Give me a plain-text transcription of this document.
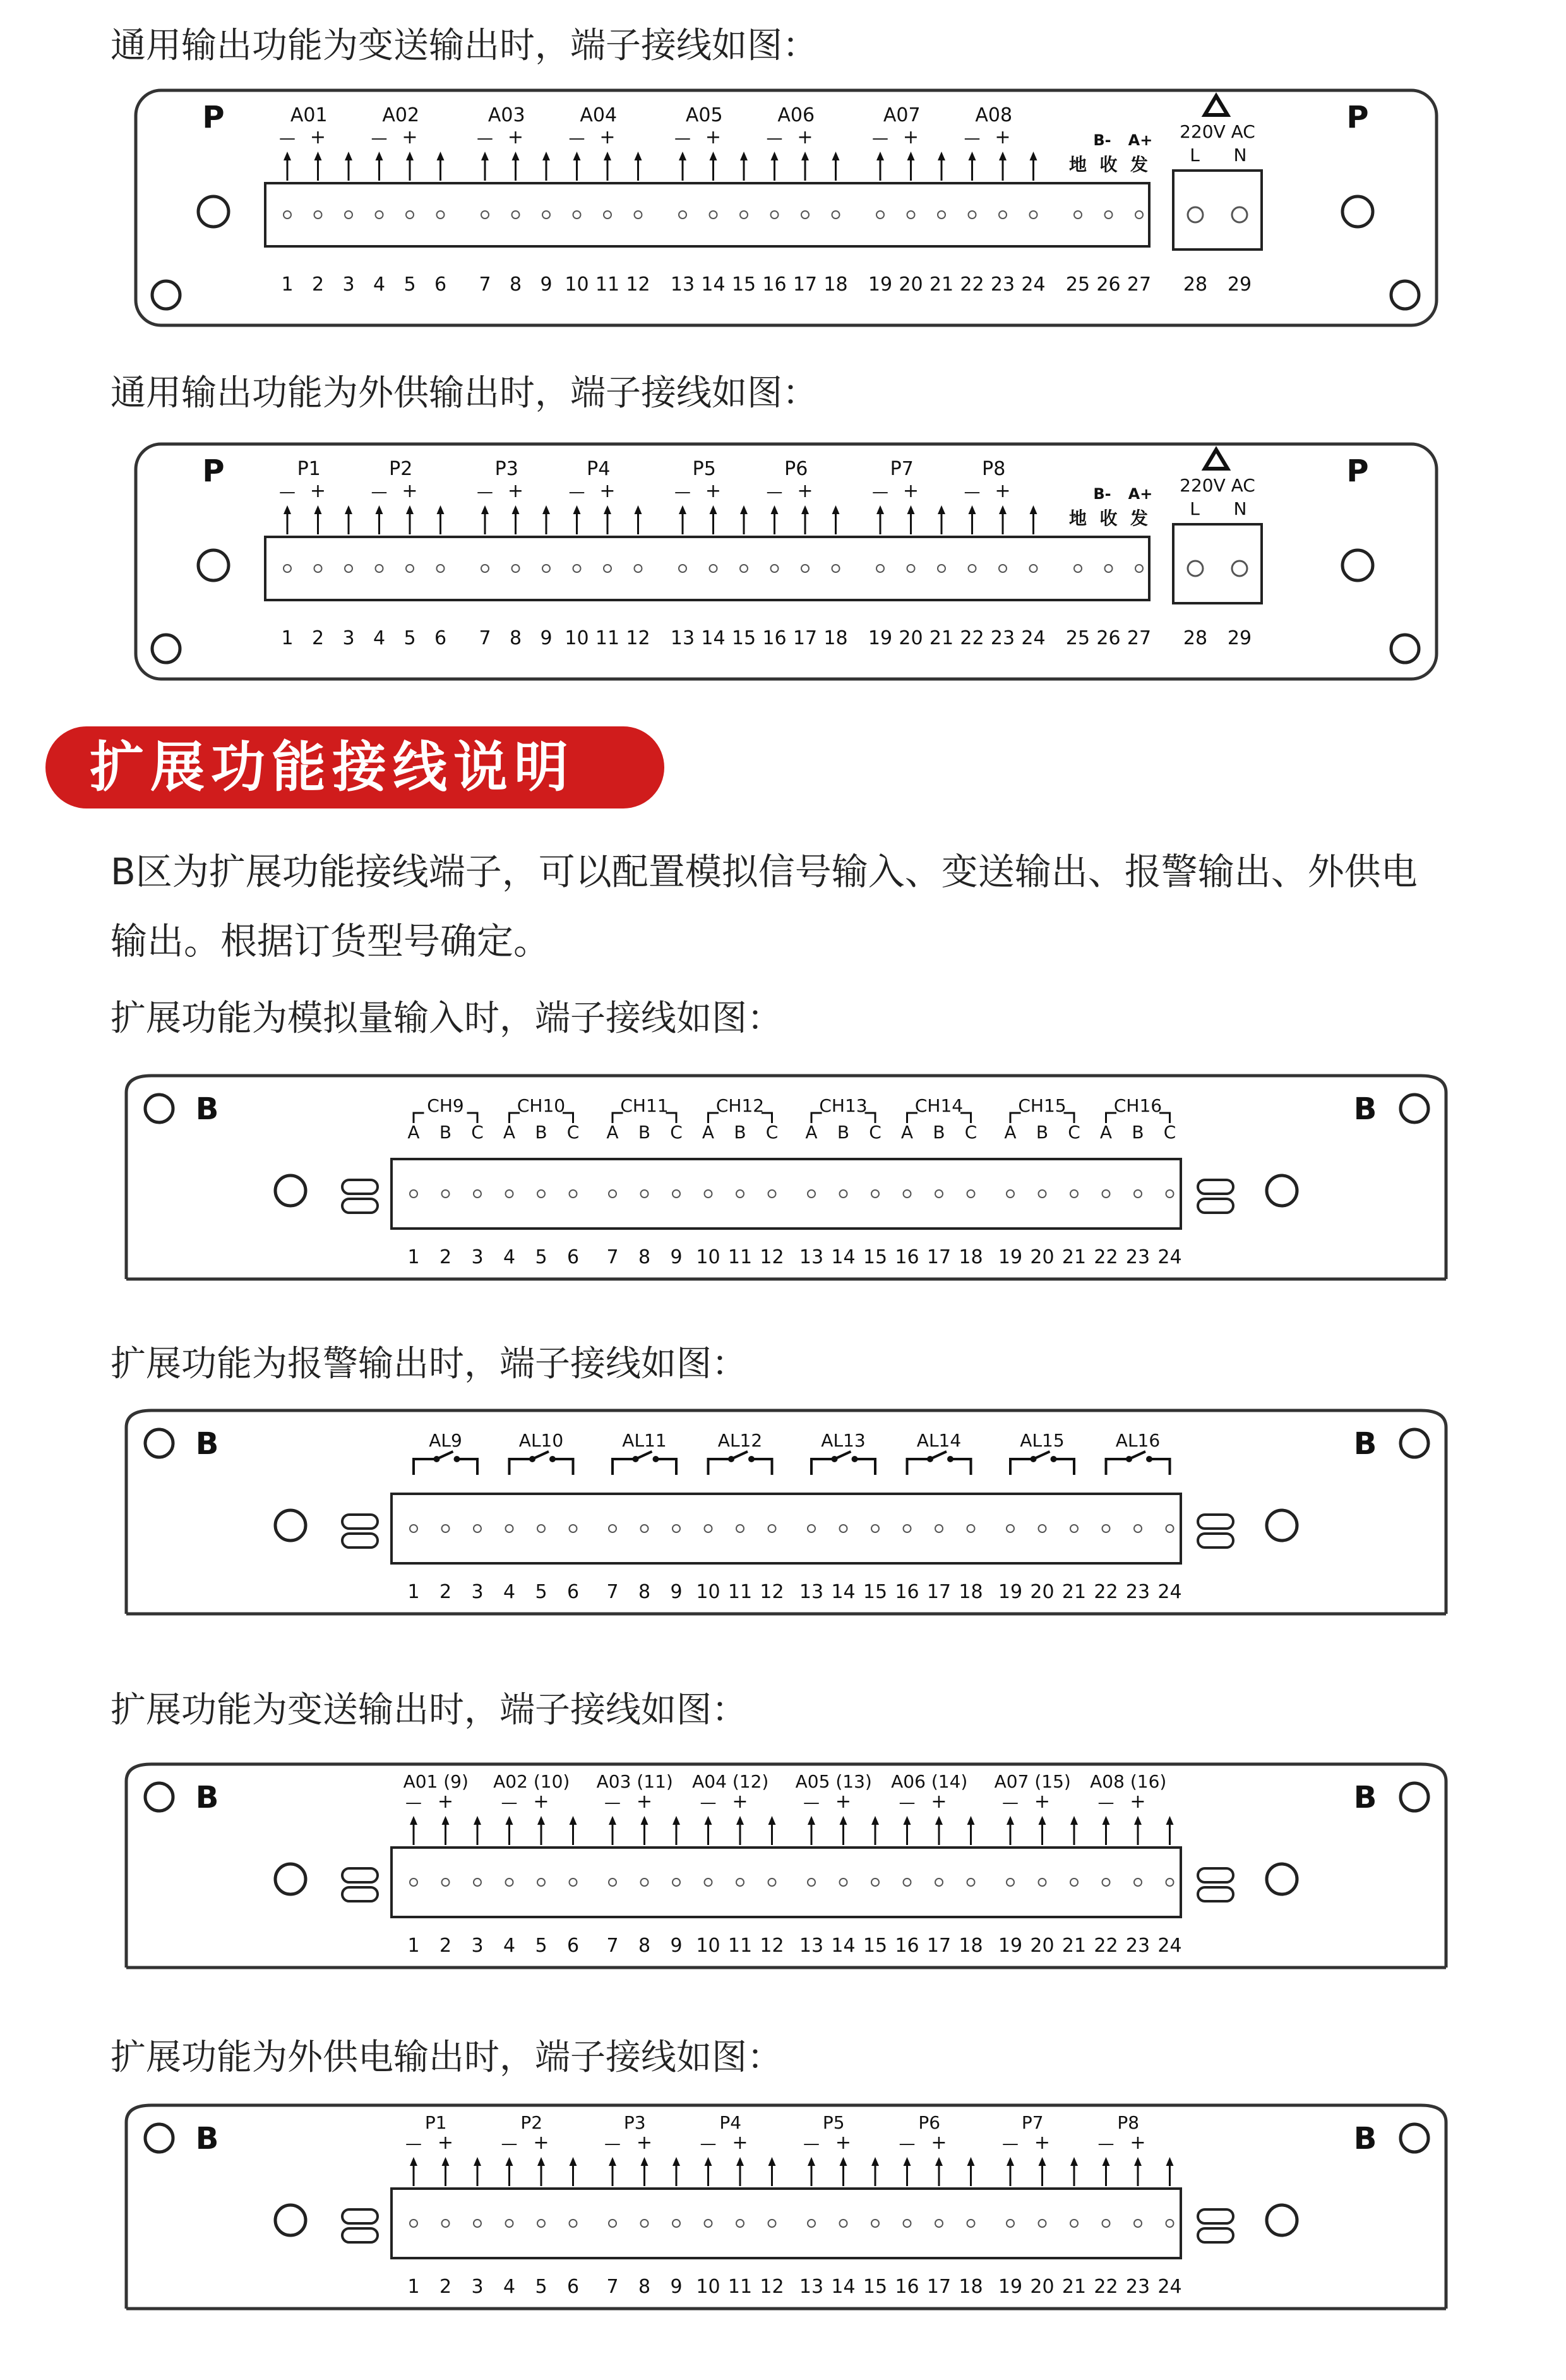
通用输出功能为变送输出时，端子接线如图：
P	P
A01
— +
A02
— +
A03
— +
A04
— +
A05
— +
A06
— +
A07
— +
A08
— +	B- A+
地 收 发
220V AC
L N
1 2 3 4 5 6 7 8 9 10 11 12 13 14 15 16 17 18 19 20 21 22 23 24 25 26 27 28 29
通用输出功能为外供输出时，端子接线如图：
P	P
P1
— +
P2
— +
P3
— +
P4
— +
P5
— +
P6
— +
P7
— +
P8
— +	B- A+
地 收 发
220V AC
L N
1 2 3 4 5 6 7 8 9 10 11 12 13 14 15 16 17 18 19 20 21 22 23 24 25 26 27 28 29
扩展功能接线说明
B区为扩展功能接线端子，可以配置模拟信号输入、变送输出、报警输出、外供电
输出。根据订货型号确定。
扩展功能为模拟量输入时，端子接线如图：
B	B
1 2 3 4 5 6 7 8 9 10 11 12 13 14 15 16 17 18 19 20 21 22 23 24
CH9
A B C
CH10
A B C
CH11
A B C
CH12
A B C
CH13
A B C
CH14
A B C
CH15
A B C
CH16
A B C
扩展功能为报警输出时，端子接线如图：
B	B
1 2 3 4 5 6 7 8 9 10 11 12 13 14 15 16 17 18 19 20 21 22 23 24
AL9	AL10	AL11	AL12	AL13	AL14	AL15	AL16
扩展功能为变送输出时，端子接线如图：
B	B
1 2 3 4 5 6 7 8 9 10 11 12 13 14 15 16 17 18 19 20 21 22 23 24
A01 (9)
— +
A02 (10)
— +
A03 (11)
— +
A04 (12)
— +
A05 (13)
— +
A06 (14)
— +
A07 (15)
— +
A08 (16)
— +
扩展功能为外供电输出时，端子接线如图：
B	B
1 2 3 4 5 6 7 8 9 10 11 12 13 14 15 16 17 18 19 20 21 22 23 24
P1
— +
P2
— +
P3
— +
P4
— +
P5
— +
P6
— +
P7
— +
P8
— +
